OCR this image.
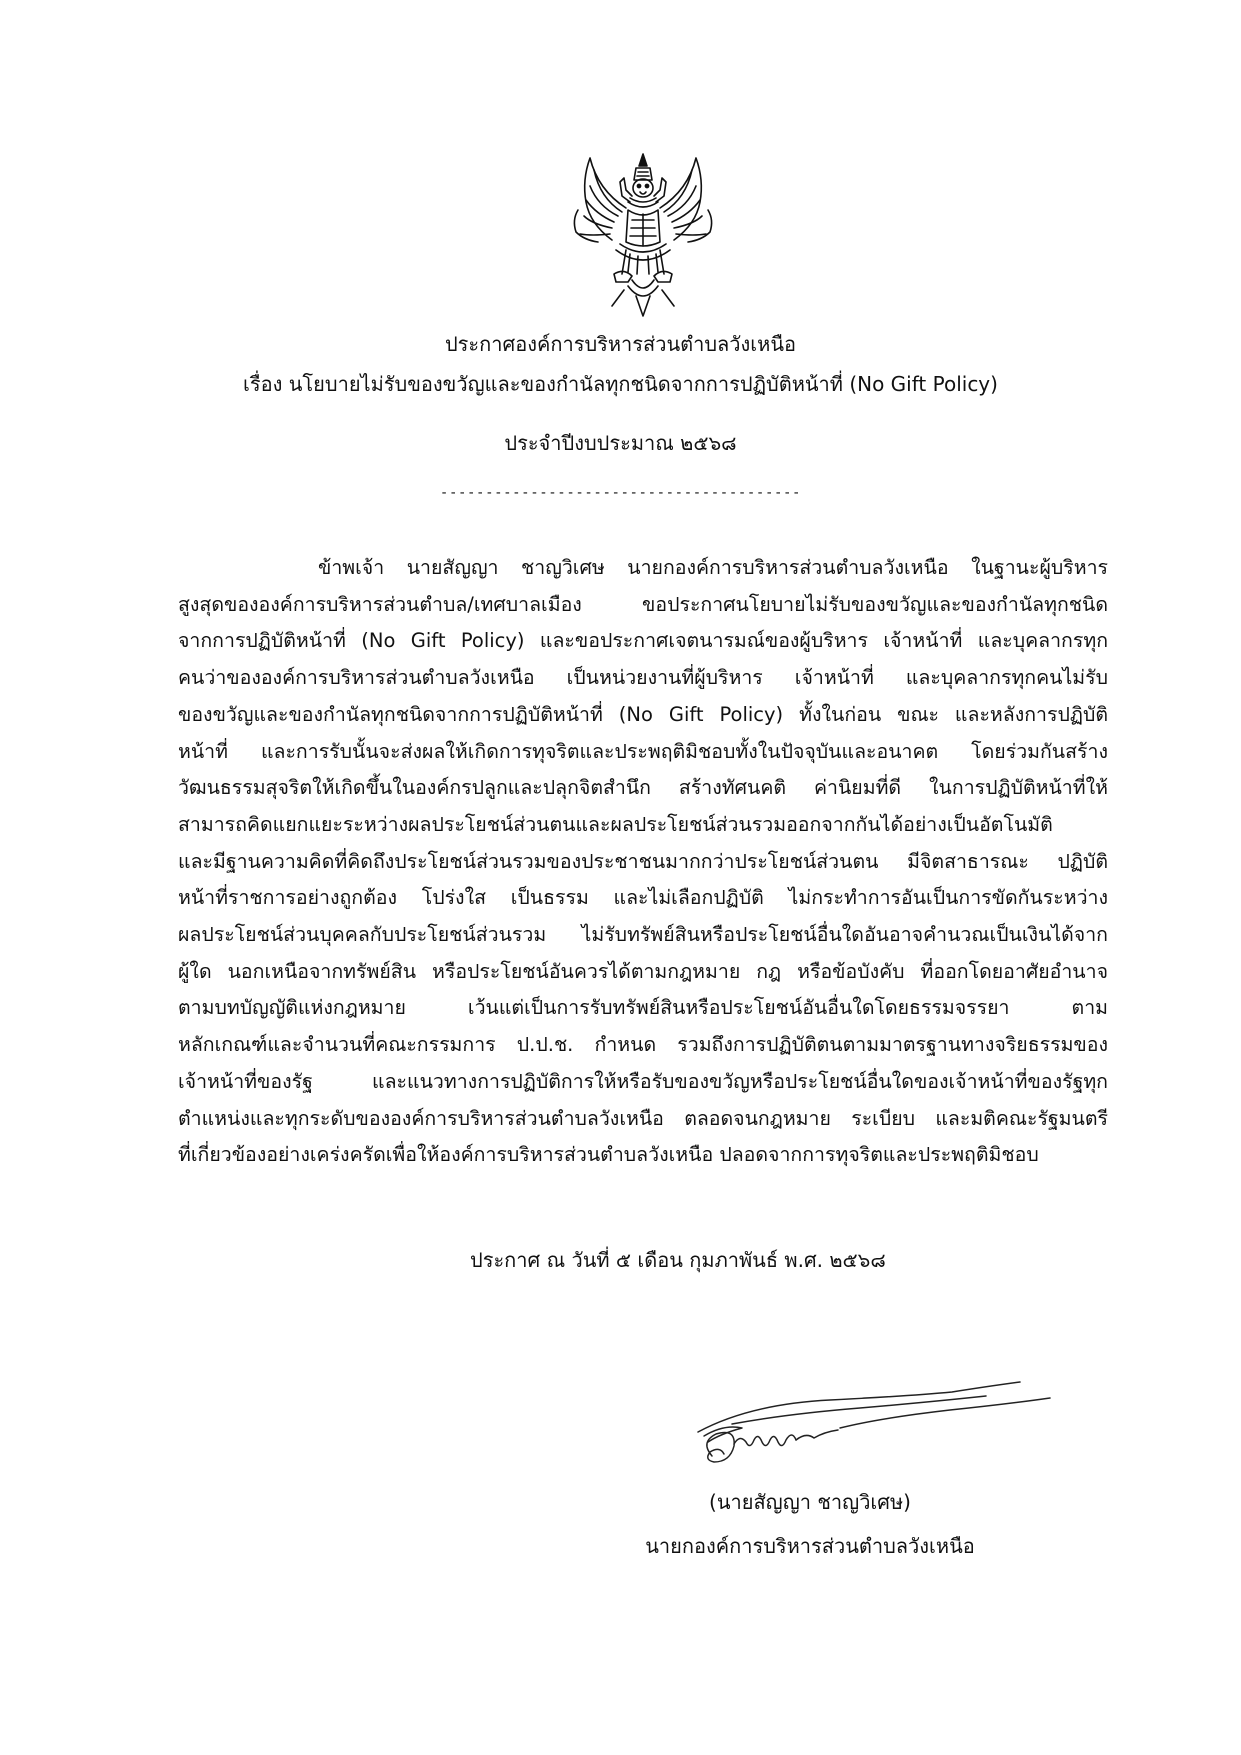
ประกาศองค์การบริหารส่วนตำบลวังเหนือ
เรื่อง นโยบายไม่รับของขวัญและของกำนัลทุกชนิดจากการปฏิบัติหน้าที่ (No Gift Policy)
ประจำปีงบประมาณ ๒๕๖๘
----------------------------------------
ข้าพเจ้า นายสัญญา ชาญวิเศษ นายกองค์การบริหารส่วนตำบลวังเหนือ ในฐานะผู้บริหาร
สูงสุดขององค์การบริหารส่วนตำบล/เทศบาลเมือง ขอประกาศนโยบายไม่รับของขวัญและของกำนัลทุกชนิด
จากการปฏิบัติหน้าที่ (No Gift Policy) และขอประกาศเจตนารมณ์ของผู้บริหาร เจ้าหน้าที่ และบุคลากรทุก
คนว่าขององค์การบริหารส่วนตำบลวังเหนือ เป็นหน่วยงานที่ผู้บริหาร เจ้าหน้าที่ และบุคลากรทุกคนไม่รับ
ของขวัญและของกำนัลทุกชนิดจากการปฏิบัติหน้าที่ (No Gift Policy) ทั้งในก่อน ขณะ และหลังการปฏิบัติ
หน้าที่ และการรับนั้นจะส่งผลให้เกิดการทุจริตและประพฤติมิชอบทั้งในปัจจุบันและอนาคต โดยร่วมกันสร้าง
วัฒนธรรมสุจริตให้เกิดขึ้นในองค์กรปลูกและปลุกจิตสำนึก สร้างทัศนคติ ค่านิยมที่ดี ในการปฏิบัติหน้าที่ให้
สามารถคิดแยกแยะระหว่างผลประโยชน์ส่วนตนและผลประโยชน์ส่วนรวมออกจากกันได้อย่างเป็นอัตโนมัติ
และมีฐานความคิดที่คิดถึงประโยชน์ส่วนรวมของประชาชนมากกว่าประโยชน์ส่วนตน มีจิตสาธารณะ ปฏิบัติ
หน้าที่ราชการอย่างถูกต้อง โปร่งใส เป็นธรรม และไม่เลือกปฏิบัติ ไม่กระทำการอันเป็นการขัดกันระหว่าง
ผลประโยชน์ส่วนบุคคลกับประโยชน์ส่วนรวม ไม่รับทรัพย์สินหรือประโยชน์อื่นใดอันอาจคำนวณเป็นเงินได้จาก
ผู้ใด นอกเหนือจากทรัพย์สิน หรือประโยชน์อันควรได้ตามกฎหมาย กฎ หรือข้อบังคับ ที่ออกโดยอาศัยอำนาจ
ตามบทบัญญัติแห่งกฎหมาย เว้นแต่เป็นการรับทรัพย์สินหรือประโยชน์อันอื่นใดโดยธรรมจรรยา ตาม
หลักเกณฑ์และจำนวนที่คณะกรรมการ ป.ป.ช. กำหนด รวมถึงการปฏิบัติตนตามมาตรฐานทางจริยธรรมของ
เจ้าหน้าที่ของรัฐ และแนวทางการปฏิบัติการให้หรือรับของขวัญหรือประโยชน์อื่นใดของเจ้าหน้าที่ของรัฐทุก
ตำแหน่งและทุกระดับขององค์การบริหารส่วนตำบลวังเหนือ ตลอดจนกฎหมาย ระเบียบ และมติคณะรัฐมนตรี
ที่เกี่ยวข้องอย่างเคร่งครัดเพื่อให้องค์การบริหารส่วนตำบลวังเหนือ ปลอดจากการทุจริตและประพฤติมิชอบ
ประกาศ ณ วันที่ ๕ เดือน กุมภาพันธ์ พ.ศ. ๒๕๖๘
(นายสัญญา ชาญวิเศษ)
นายกองค์การบริหารส่วนตำบลวังเหนือ
